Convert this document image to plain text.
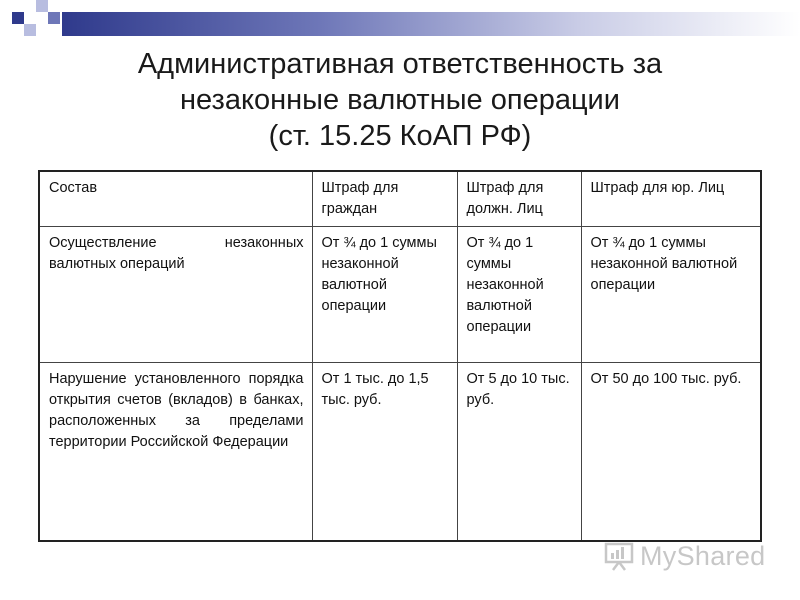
Административная ответственность за
незаконные валютные операции
(ст. 15.25 КоАП РФ)
Состав	Штраф для граждан	Штраф для должн. Лиц	Штраф для юр. Лиц
Осуществление незаконных валютных операций	От ¾ до 1 суммы незаконной валютной операции	От ¾ до 1 суммы незаконной валютной операции	От ¾ до 1 суммы незаконной валютной операции
Нарушение установленного порядка открытия счетов (вкладов) в банках, расположенных за пределами территории Российской Федерации	От 1 тыс. до 1,5 тыс. руб.	От 5 до 10 тыс. руб.	От 50 до 100 тыс. руб.
MyShared
